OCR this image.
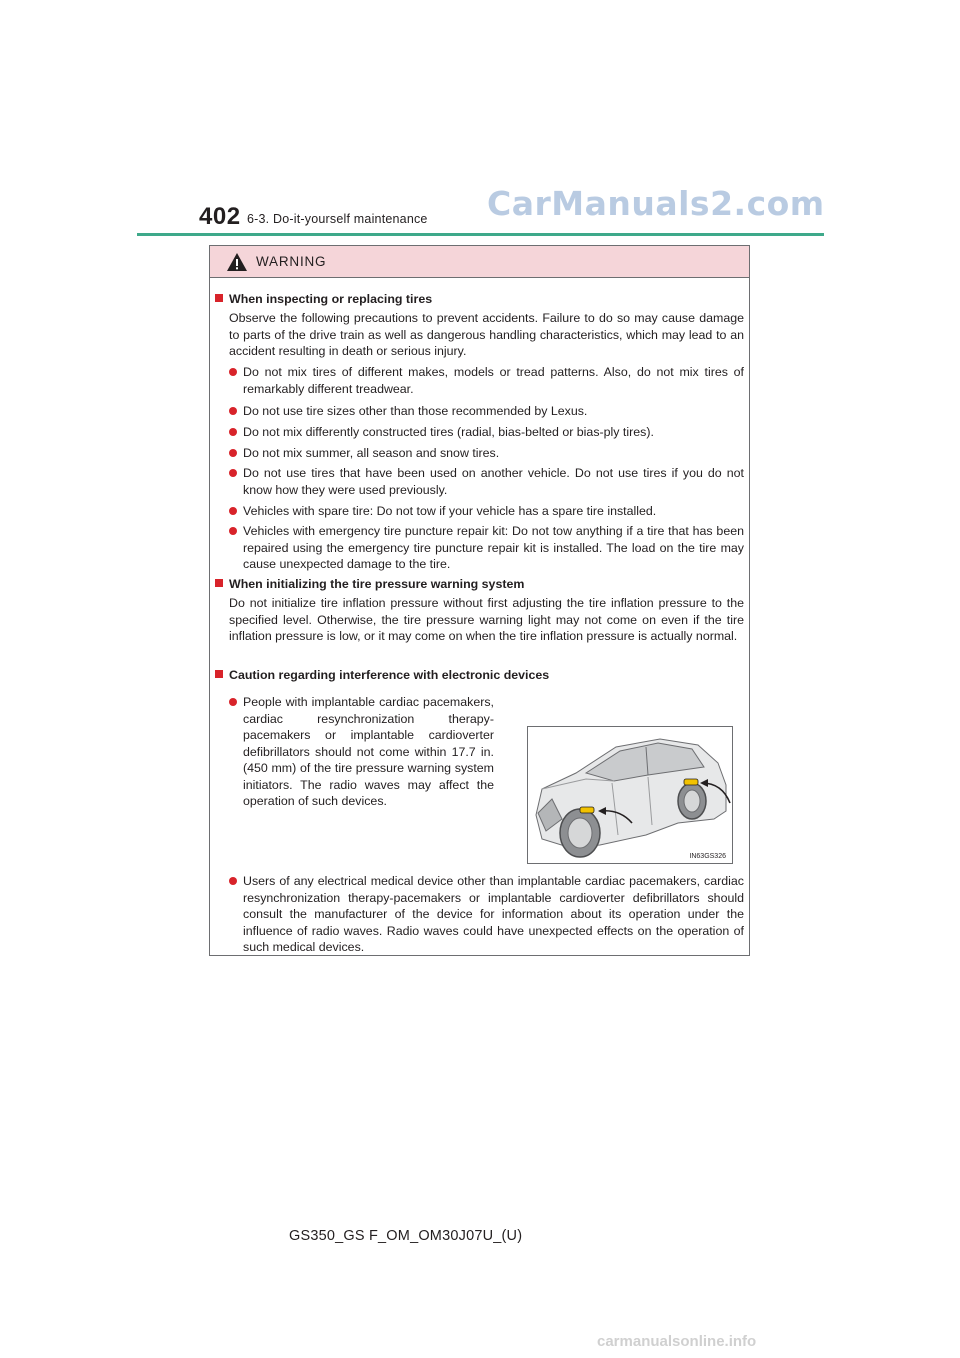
402 6-3. Do-it-yourself maintenance CarManuals2.com
WARNING
When inspecting or replacing tires
Observe the following precautions to prevent accidents. Failure to do so may cause damage to parts of the drive train as well as dangerous handling characteristics, which may lead to an accident resulting in death or serious injury.
Do not mix tires of different makes, models or tread patterns. Also, do not mix tires of remarkably different treadwear.
Do not use tire sizes other than those recommended by Lexus.
Do not mix differently constructed tires (radial, bias-belted or bias-ply tires).
Do not mix summer, all season and snow tires.
Do not use tires that have been used on another vehicle. Do not use tires if you do not know how they were used previously.
Vehicles with spare tire: Do not tow if your vehicle has a spare tire installed.
Vehicles with emergency tire puncture repair kit: Do not tow anything if a tire that has been repaired using the emergency tire puncture repair kit is installed. The load on the tire may cause unexpected damage to the tire.
When initializing the tire pressure warning system
Do not initialize tire inflation pressure without first adjusting the tire inflation pressure to the specified level. Otherwise, the tire pressure warning light may not come on even if the tire inflation pressure is low, or it may come on when the tire inflation pressure is actually normal.
Caution regarding interference with electronic devices
People with implantable cardiac pacemakers, cardiac resynchronization therapy-pacemakers or implantable cardioverter defibrillators should not come within 17.7 in. (450 mm) of the tire pressure warning system initiators. The radio waves may affect the operation of such devices.
IN63GS326
Users of any electrical medical device other than implantable cardiac pacemakers, cardiac resynchronization therapy-pacemakers or implantable cardioverter defibrillators should consult the manufacturer of the device for information about its operation under the influence of radio waves. Radio waves could have unexpected effects on the operation of such medical devices.
GS350_GS F_OM_OM30J07U_(U)
carmanualsonline.info
